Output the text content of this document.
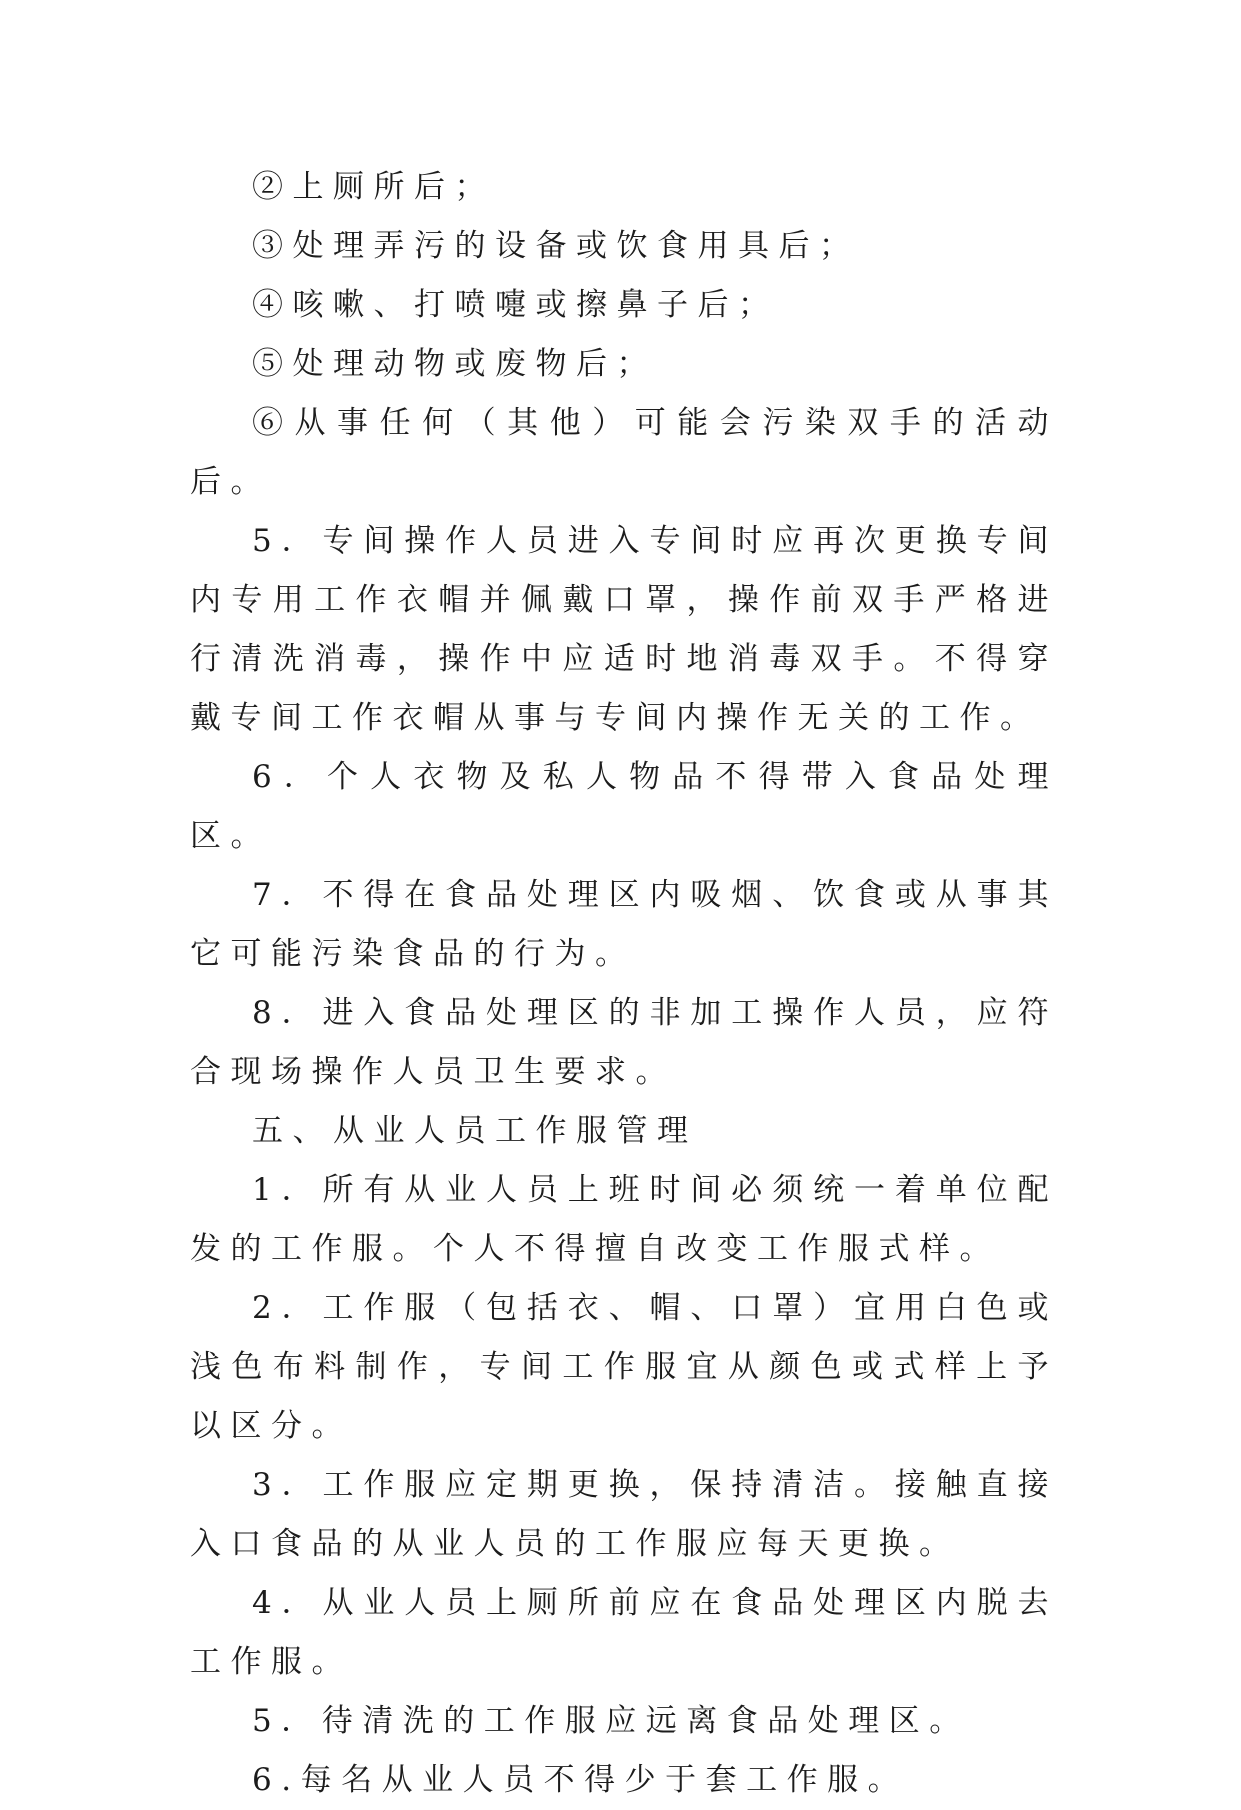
②上厕所后；

③处理弄污的设备或饮食用具后；

④咳嗽、打喷嚏或擦鼻子后；

⑤处理动物或废物后；

⑥从事任何（其他）可能会污染双手的活动后。

5．专间操作人员进入专间时应再次更换专间内专用工作衣帽并佩戴口罩，操作前双手严格进行清洗消毒，操作中应适时地消毒双手。不得穿戴专间工作衣帽从事与专间内操作无关的工作。

6．个人衣物及私人物品不得带入食品处理区。

7．不得在食品处理区内吸烟、饮食或从事其它可能污染食品的行为。

8．进入食品处理区的非加工操作人员，应符合现场操作人员卫生要求。

五、从业人员工作服管理

1．所有从业人员上班时间必须统一着单位配发的工作服。个人不得擅自改变工作服式样。

2．工作服（包括衣、帽、口罩）宜用白色或浅色布料制作，专间工作服宜从颜色或式样上予以区分。

3．工作服应定期更换，保持清洁。接触直接入口食品的从业人员的工作服应每天更换。

4．从业人员上厕所前应在食品处理区内脱去工作服。

5．待清洗的工作服应远离食品处理区。

6.每名从业人员不得少于套工作服。
